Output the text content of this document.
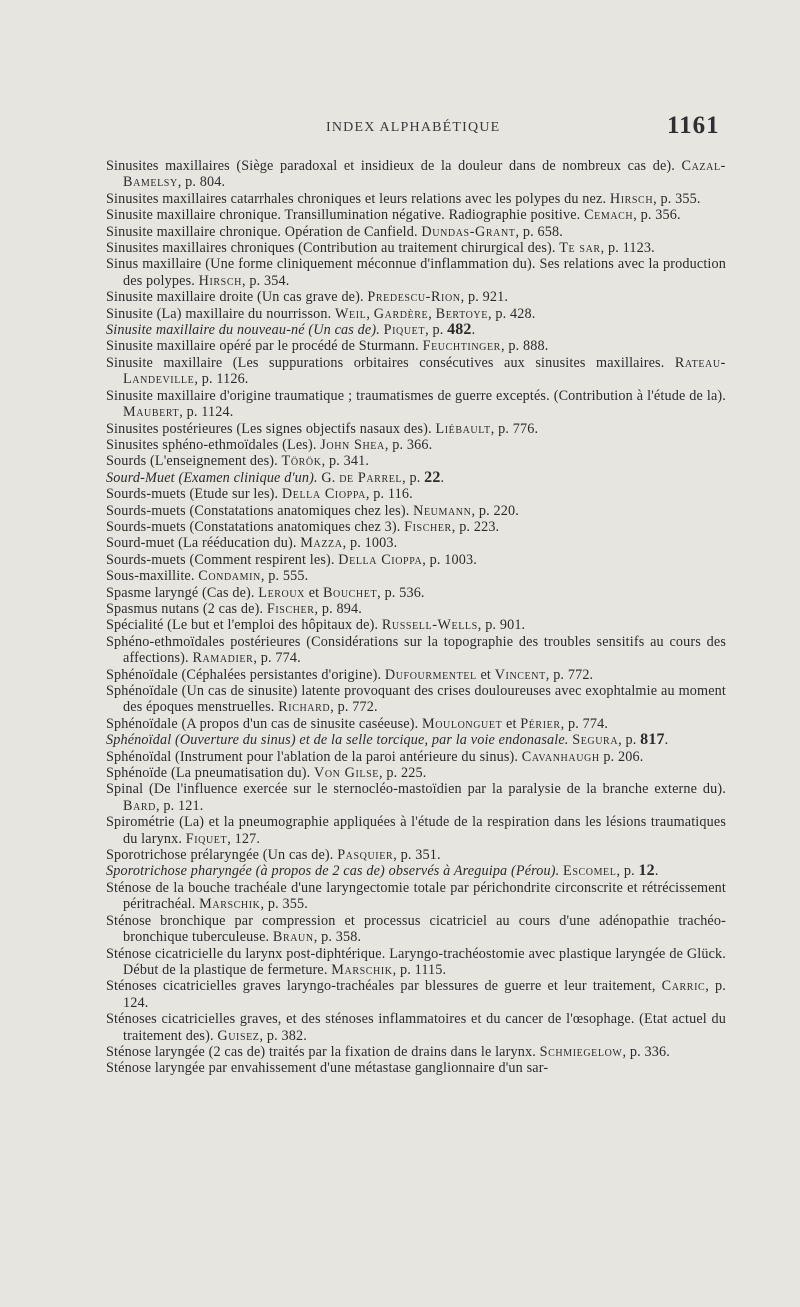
INDEX ALPHABÉTIQUE	1161

Sinusites maxillaires (Siège paradoxal et insidieux de la douleur dans de nombreux cas de). Cazal-Bamelsy, p. 804.

Sinusites maxillaires catarrhales chroniques et leurs relations avec les polypes du nez. Hirsch, p. 355.

Sinusite maxillaire chronique. Transillumination négative. Radiographie positive. Cemach, p. 356.

Sinusite maxillaire chronique. Opération de Canfield. Dundas-Grant, p. 658.

Sinusites maxillaires chroniques (Contribution au traitement chirurgical des). Te sar, p. 1123.

Sinus maxillaire (Une forme cliniquement méconnue d'inflammation du). Ses relations avec la production des polypes. Hirsch, p. 354.

Sinusite maxillaire droite (Un cas grave de). Predescu-Rion, p. 921.

Sinusite (La) maxillaire du nourrisson. Weil, Gardère, Bertoye, p. 428.

Sinusite maxillaire du nouveau-né (Un cas de). Piquet, p. 482.

Sinusite maxillaire opéré par le procédé de Sturmann. Feuchtinger, p. 888.

Sinusite maxillaire (Les suppurations orbitaires consécutives aux sinusites maxillaires. Rateau-Landeville, p. 1126.

Sinusite maxillaire d'origine traumatique ; traumatismes de guerre exceptés. (Contribution à l'étude de la). Maubert, p. 1124.

Sinusites postérieures (Les signes objectifs nasaux des). Liébault, p. 776.

Sinusites sphéno-ethmoïdales (Les). John Shea, p. 366.

Sourds (L'enseignement des). Török, p. 341.

Sourd-Muet (Examen clinique d'un). G. de Parrel, p. 22.

Sourds-muets (Etude sur les). Della Cioppa, p. 116.

Sourds-muets (Constatations anatomiques chez les). Neumann, p. 220.

Sourds-muets (Constatations anatomiques chez 3). Fischer, p. 223.

Sourd-muet (La rééducation du). Mazza, p. 1003.

Sourds-muets (Comment respirent les). Della Cioppa, p. 1003.

Sous-maxillite. Condamin, p. 555.

Spasme laryngé (Cas de). Leroux et Bouchet, p. 536.

Spasmus nutans (2 cas de). Fischer, p. 894.

Spécialité (Le but et l'emploi des hôpitaux de). Russell-Wells, p. 901.

Sphéno-ethmoïdales postérieures (Considérations sur la topographie des troubles sensitifs au cours des affections). Ramadier, p. 774.

Sphénoïdale (Céphalées persistantes d'origine). Dufourmentel et Vincent, p. 772.

Sphénoïdale (Un cas de sinusite) latente provoquant des crises douloureuses avec exophtalmie au moment des époques menstruelles. Richard, p. 772.

Sphénoïdale (A propos d'un cas de sinusite caséeuse). Moulonguet et Périer, p. 774.

Sphénoïdal (Ouverture du sinus) et de la selle torcique, par la voie endonasale. Segura, p. 817.

Sphénoïdal (Instrument pour l'ablation de la paroi antérieure du sinus). Cavanhaugh p. 206.

Sphénoïde (La pneumatisation du). Von Gilse, p. 225.

Spinal (De l'influence exercée sur le sternocléo-mastoïdien par la paralysie de la branche externe du). Bard, p. 121.

Spirométrie (La) et la pneumographie appliquées à l'étude de la respiration dans les lésions traumatiques du larynx. Fiquet, 127.

Sporotrichose prélaryngée (Un cas de). Pasquier, p. 351.

Sporotrichose pharyngée (à propos de 2 cas de) observés à Areguipa (Pérou). Escomel, p. 12.

Sténose de la bouche trachéale d'une laryngectomie totale par périchondrite circonscrite et rétrécissement péritrachéal. Marschik, p. 355.

Sténose bronchique par compression et processus cicatriciel au cours d'une adénopathie trachéo-bronchique tuberculeuse. Braun, p. 358.

Sténose cicatricielle du larynx post-diphtérique. Laryngo-trachéostomie avec plastique laryngée de Glück. Début de la plastique de fermeture. Marschik, p. 1115.

Sténoses cicatricielles graves laryngo-trachéales par blessures de guerre et leur traitement, Carric, p. 124.

Sténoses cicatricielles graves, et des sténoses inflammatoires et du cancer de l'œsophage. (Etat actuel du traitement des). Guisez, p. 382.

Sténose laryngée (2 cas de) traités par la fixation de drains dans le larynx. Schmiegelow, p. 336.

Sténose laryngée par envahissement d'une métastase ganglionnaire d'un sar-
